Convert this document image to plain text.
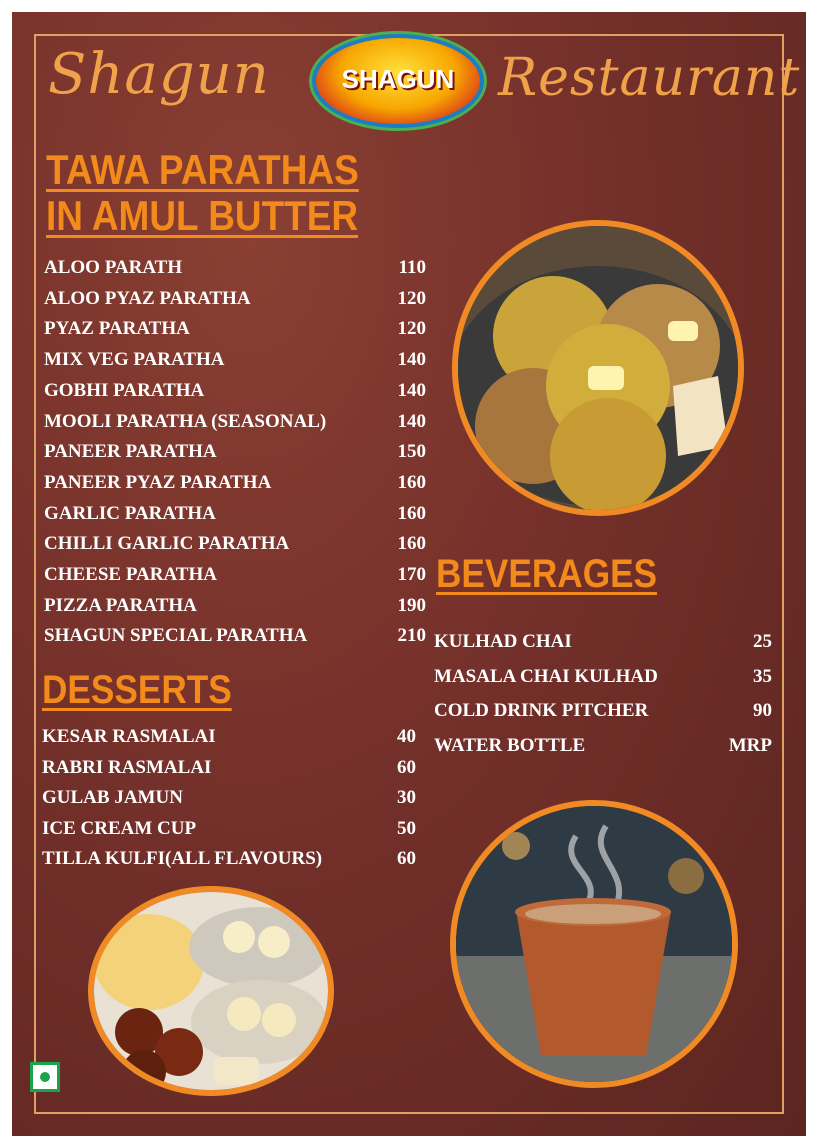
Shagun	SHAGUN Restaurant
TAWA PARATHAS
IN AMUL BUTTER
ALOO PARATH	110
ALOO PYAZ PARATHA	120
PYAZ PARATHA	120
MIX VEG PARATHA	140
GOBHI PARATHA	140
MOOLI PARATHA (SEASONAL)	140
PANEER PARATHA	150
PANEER PYAZ PARATHA	160
GARLIC PARATHA	160
CHILLI GARLIC PARATHA	160
CHEESE PARATHA	170
PIZZA PARATHA	190
SHAGUN SPECIAL PARATHA	210
DESSERTS
KESAR RASMALAI	40
RABRI RASMALAI	60
GULAB JAMUN	30
ICE CREAM CUP	50
TILLA KULFI(ALL FLAVOURS)	60
BEVERAGES
KULHAD CHAI	25
MASALA CHAI KULHAD	35
COLD DRINK PITCHER	90
WATER BOTTLE	MRP
